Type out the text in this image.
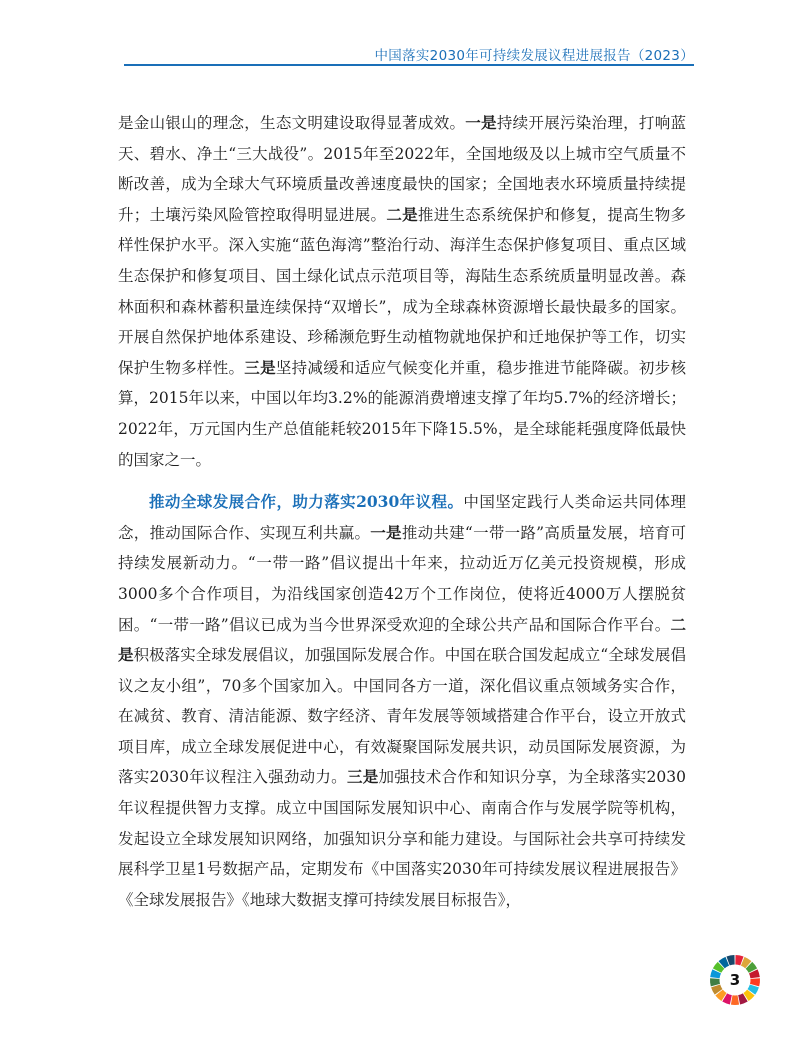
中国落实2030年可持续发展议程进展报告（2023）

是金山银山的理念，生态文明建设取得显著成效。一是持续开展污染治理，打响蓝天、碧水、净土“三大战役”。2015年至2022年，全国地级及以上城市空气质量不断改善，成为全球大气环境质量改善速度最快的国家；全国地表水环境质量持续提升；土壤污染风险管控取得明显进展。二是推进生态系统保护和修复，提高生物多样性保护水平。深入实施“蓝色海湾”整治行动、海洋生态保护修复项目、重点区域生态保护和修复项目、国土绿化试点示范项目等，海陆生态系统质量明显改善。森林面积和森林蓄积量连续保持“双增长”，成为全球森林资源增长最快最多的国家。开展自然保护地体系建设、珍稀濒危野生动植物就地保护和迁地保护等工作，切实保护生物多样性。三是坚持减缓和适应气候变化并重，稳步推进节能降碳。初步核算，2015年以来，中国以年均3.2%的能源消费增速支撑了年均5.7%的经济增长；2022年，万元国内生产总值能耗较2015年下降15.5%，是全球能耗强度降低最快的国家之一。

推动全球发展合作，助力落实2030年议程。中国坚定践行人类命运共同体理念，推动国际合作、实现互利共赢。一是推动共建“一带一路”高质量发展，培育可持续发展新动力。“一带一路”倡议提出十年来，拉动近万亿美元投资规模，形成3000多个合作项目，为沿线国家创造42万个工作岗位，使将近4000万人摆脱贫困。“一带一路”倡议已成为当今世界深受欢迎的全球公共产品和国际合作平台。二是积极落实全球发展倡议，加强国际发展合作。中国在联合国发起成立“全球发展倡议之友小组”，70多个国家加入。中国同各方一道，深化倡议重点领域务实合作，在减贫、教育、清洁能源、数字经济、青年发展等领域搭建合作平台，设立开放式项目库，成立全球发展促进中心，有效凝聚国际发展共识，动员国际发展资源，为落实2030年议程注入强劲动力。三是加强技术合作和知识分享，为全球落实2030年议程提供智力支撑。成立中国国际发展知识中心、南南合作与发展学院等机构，发起设立全球发展知识网络，加强知识分享和能力建设。与国际社会共享可持续发展科学卫星1号数据产品，定期发布《中国落实2030年可持续发展议程进展报告》《全球发展报告》《地球大数据支撑可持续发展目标报告》，

3
